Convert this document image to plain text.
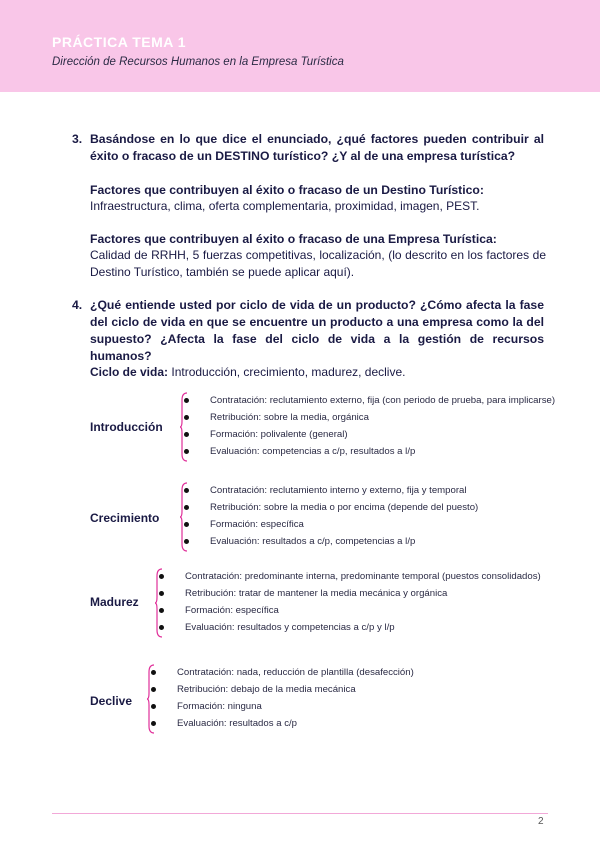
PRÁCTICA TEMA 1
Dirección de Recursos Humanos en la Empresa Turística
3. Basándose en lo que dice el enunciado, ¿qué factores pueden contribuir al éxito o fracaso de un DESTINO turístico? ¿Y al de una empresa turística?
Factores que contribuyen al éxito o fracaso de un Destino Turístico:
Infraestructura, clima, oferta complementaria, proximidad, imagen, PEST.
Factores que contribuyen al éxito o fracaso de una Empresa Turística:
Calidad de RRHH, 5 fuerzas competitivas, localización, (lo descrito en los factores de Destino Turístico, también se puede aplicar aquí).
4. ¿Qué entiende usted por ciclo de vida de un producto? ¿Cómo afecta la fase del ciclo de vida en que se encuentre un producto a una empresa como la del supuesto? ¿Afecta la fase del ciclo de vida a la gestión de recursos humanos?
Ciclo de vida: Introducción, crecimiento, madurez, declive.
Introducción
Contratación: reclutamiento externo, fija (con periodo de prueba, para implicarse)
Retribución: sobre la media, orgánica
Formación: polivalente (general)
Evaluación: competencias a c/p, resultados a l/p
Crecimiento
Contratación: reclutamiento interno y externo, fija y temporal
Retribución: sobre la media o por encima (depende del puesto)
Formación: específica
Evaluación: resultados a c/p, competencias a l/p
Madurez
Contratación: predominante interna, predominante temporal (puestos consolidados)
Retribución: tratar de mantener la media mecánica y orgánica
Formación: específica
Evaluación: resultados y competencias a c/p y l/p
Declive
Contratación: nada, reducción de plantilla (desafección)
Retribución: debajo de la media mecánica
Formación: ninguna
Evaluación: resultados a c/p
2
